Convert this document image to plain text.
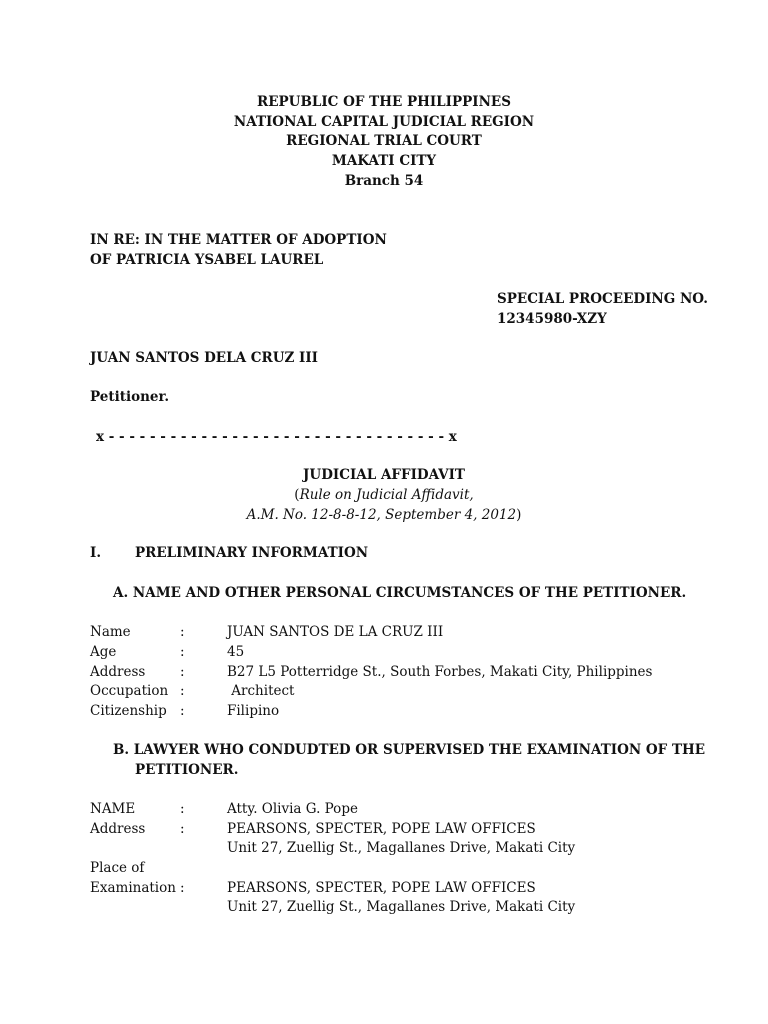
REPUBLIC OF THE PHILIPPINES
NATIONAL CAPITAL JUDICIAL REGION
REGIONAL TRIAL COURT
MAKATI CITY
Branch 54
IN RE: IN THE MATTER OF ADOPTION
OF PATRICIA YSABEL LAUREL
SPECIAL PROCEEDING NO.
12345980-XZY
JUAN SANTOS DELA CRUZ III
Petitioner.
x - - - - - - - - - - - - - - - - - - - - - - - - - - - - - - - - - x
JUDICIAL AFFIDAVIT
(Rule on Judicial Affidavit,
A.M. No. 12-8-8-12, September 4, 2012)
I.	PRELIMINARY INFORMATION
A. NAME AND OTHER PERSONAL CIRCUMSTANCES OF THE PETITIONER.
Name	:	JUAN SANTOS DE LA CRUZ III
Age	:	45
Address	:	B27 L5 Potterridge St., South Forbes, Makati City, Philippines
Occupation :	Architect
Citizenship :	Filipino
B. LAWYER WHO CONDUDTED OR SUPERVISED THE EXAMINATION OF THE
PETITIONER.
NAME	:	Atty. Olivia G. Pope
Address	:	PEARSONS, SPECTER, POPE LAW OFFICES
Unit 27, Zuellig St., Magallanes Drive, Makati City
Place of
Examination :	PEARSONS, SPECTER, POPE LAW OFFICES
Unit 27, Zuellig St., Magallanes Drive, Makati City
